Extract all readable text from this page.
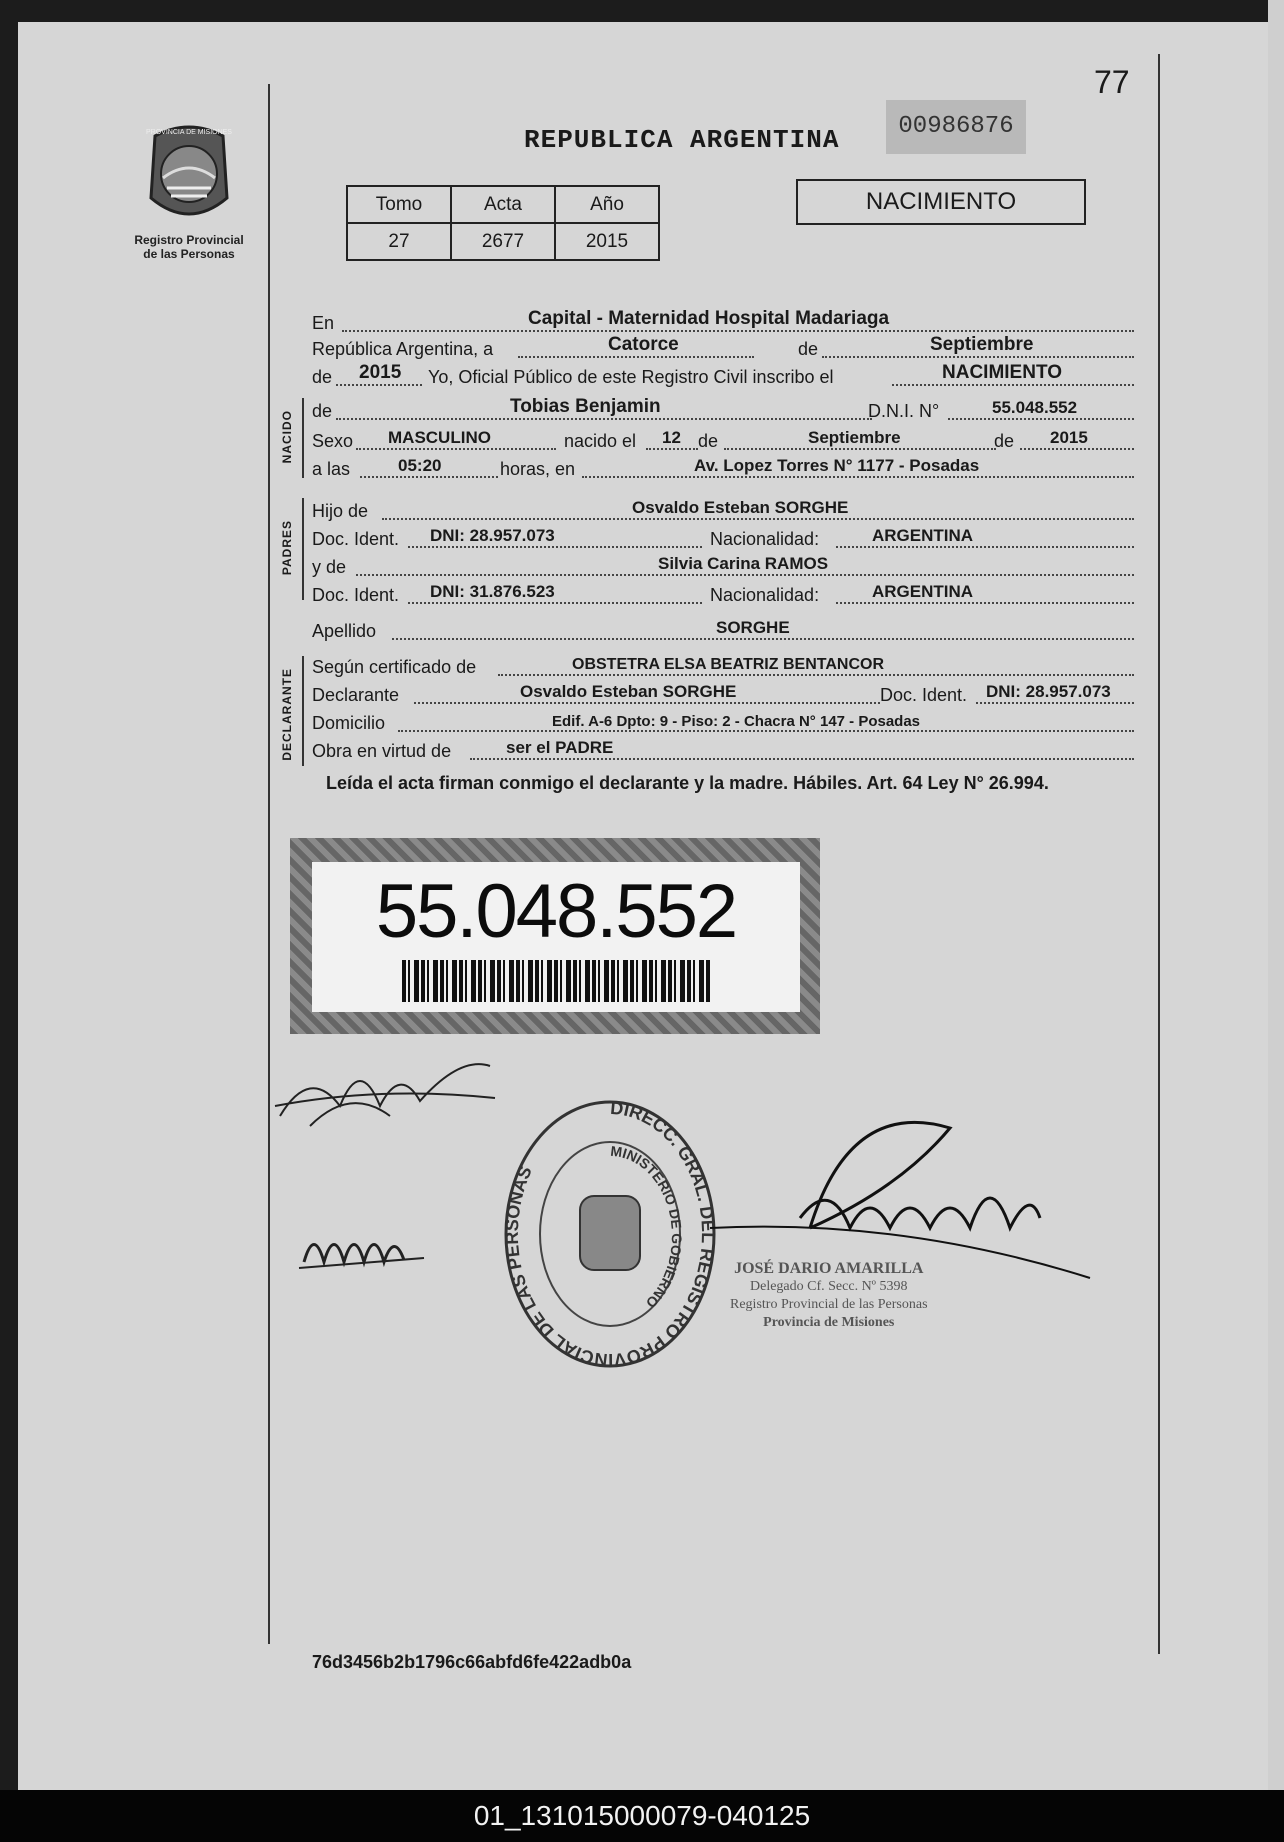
77
PROVINCIA DE MISIONES
Registro Provincial
de las Personas
REPUBLICA ARGENTINA	00986876
Tomo	Acta	Año
27	2677	2015
NACIMIENTO
En	Capital - Maternidad Hospital Madariaga
República Argentina, a	Catorce	de	Septiembre
de 2015 Yo, Oficial Público de este Registro Civil inscribo el	NACIMIENTO
NACIDO de	Tobias Benjamin	D.N.I. N°	55.048.552
Sexo MASCULINO	nacido el 12 de	Septiembre	de 2015
a las	05:20	horas, en	Av. Lopez Torres N° 1177 - Posadas
PADRES
Hijo de	Osvaldo Esteban SORGHE
Doc. Ident. DNI: 28.957.073	Nacionalidad:	ARGENTINA
y de	Silvia Carina RAMOS
Doc. Ident. DNI: 31.876.523	Nacionalidad:	ARGENTINA
Apellido	SORGHE
DECLARANTE
Según certificado de	OBSTETRA ELSA BEATRIZ BENTANCOR
Declarante	Osvaldo Esteban SORGHE	Doc. Ident. DNI: 28.957.073
Domicilio	Edif. A-6 Dpto: 9 - Piso: 2 - Chacra N° 147 - Posadas
Obra en virtud de	ser el PADRE
Leída el acta firman conmigo el declarante y la madre. Hábiles. Art. 64 Ley N° 26.994.
55.048.552
DIRECC. GRAL. DEL REGISTRO PROVINCIAL DE LAS PERSONAS
MINISTERIO DE GOBIERNO
JOSÉ DARIO AMARILLA
Delegado Cf. Secc. Nº 5398
Registro Provincial de las Personas
Provincia de Misiones
76d3456b2b1796c66abfd6fe422adb0a
01_131015000079-040125
